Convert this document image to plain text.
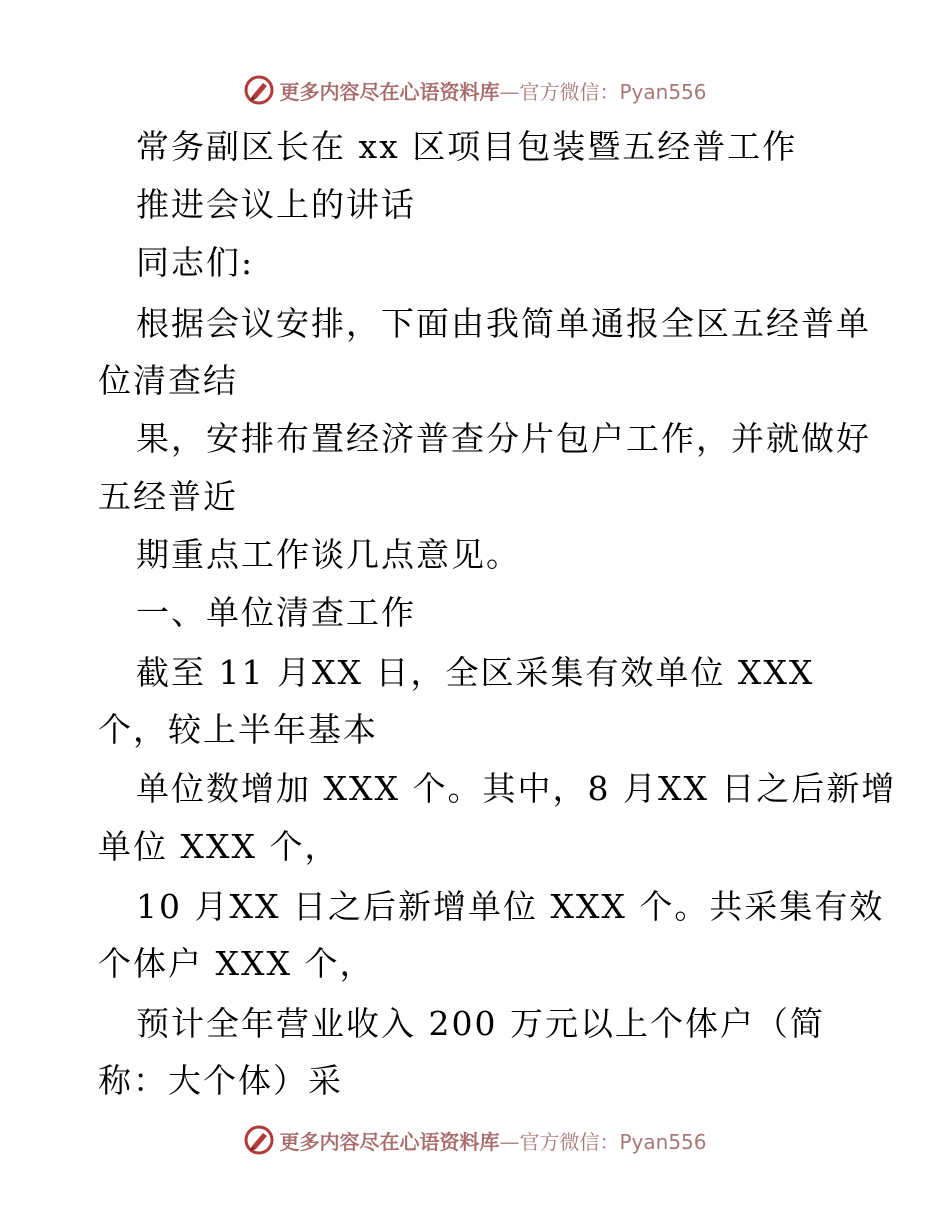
更多内容尽在心语资料库—官方微信：Pyan556
常务副区长在 xx 区项目包装暨五经普工作
推进会议上的讲话
同志们:
根据会议安排，下面由我简单通报全区五经普单
位清查结
果，安排布置经济普查分片包户工作，并就做好
五经普近
期重点工作谈几点意见。
一、单位清查工作
截至 11 月XX 日，全区采集有效单位 XXX
个，较上半年基本
单位数增加 XXX 个。其中，8 月XX 日之后新增
单位 XXX 个，
10 月XX 日之后新增单位 XXX 个。共采集有效
个体户 XXX 个，
预计全年营业收入 200 万元以上个体户（简
称：大个体）采
更多内容尽在心语资料库—官方微信：Pyan556
